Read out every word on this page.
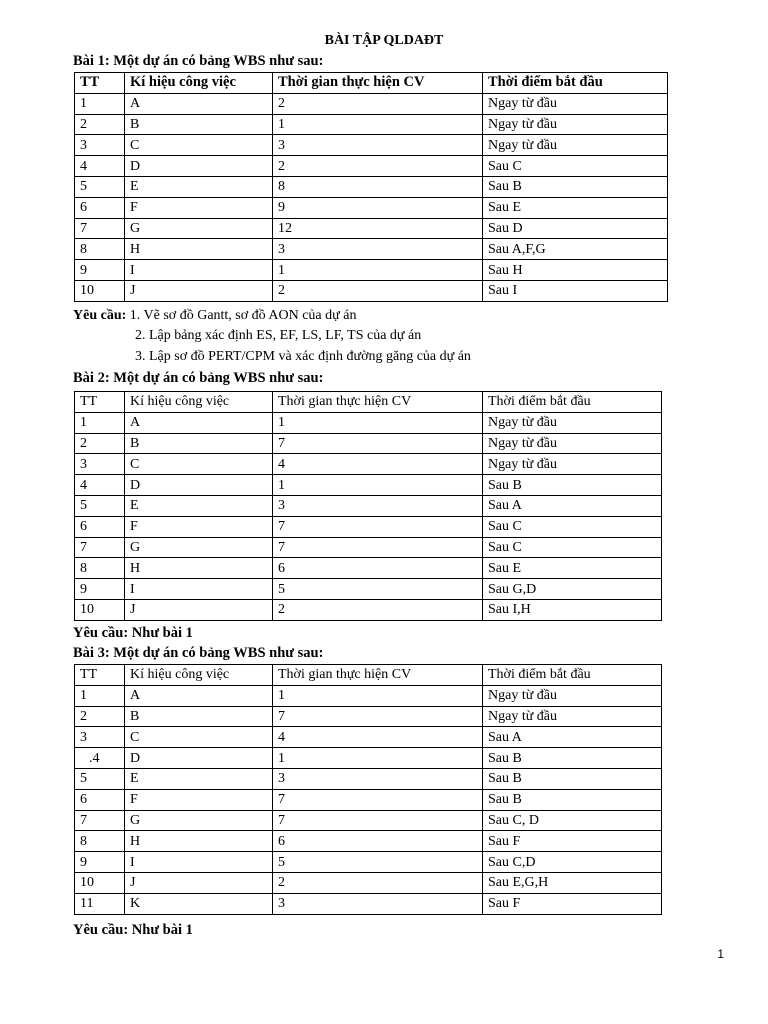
BÀI TẬP QLDAĐT
Bài 1: Một dự án có bảng WBS như sau:
TT	Kí hiệu công việc	Thời gian thực hiện CV	Thời điểm bắt đầu
1	A	2	Ngay từ đầu
2	B	1	Ngay từ đầu
3	C	3	Ngay từ đầu
4	D	2	Sau C
5	E	8	Sau B
6	F	9	Sau E
7	G	12	Sau D
8	H	3	Sau A,F,G
9	I	1	Sau H
10	J	2	Sau I
Yêu cầu: 1. Vẽ sơ đồ Gantt, sơ đồ AON của dự án
2. Lập bảng xác định ES, EF, LS, LF, TS của dự án
3. Lập sơ đồ PERT/CPM và xác định đường găng của dự án
Bài 2: Một dự án có bảng WBS như sau:
TT	Kí hiệu công việc	Thời gian thực hiện CV	Thời điểm bắt đầu
1	A	1	Ngay từ đầu
2	B	7	Ngay từ đầu
3	C	4	Ngay từ đầu
4	D	1	Sau B
5	E	3	Sau A
6	F	7	Sau C
7	G	7	Sau C
8	H	6	Sau E
9	I	5	Sau G,D
10	J	2	Sau I,H
Yêu cầu: Như bài 1
Bài 3: Một dự án có bảng WBS như sau:
TT	Kí hiệu công việc	Thời gian thực hiện CV	Thời điểm bắt đầu
1	A	1	Ngay từ đầu
2	B	7	Ngay từ đầu
3	C	4	Sau A
.4	D	1	Sau B
5	E	3	Sau B
6	F	7	Sau B
7	G	7	Sau C, D
8	H	6	Sau F
9	I	5	Sau C,D
10	J	2	Sau E,G,H
11	K	3	Sau F
Yêu cầu: Như bài 1
1
